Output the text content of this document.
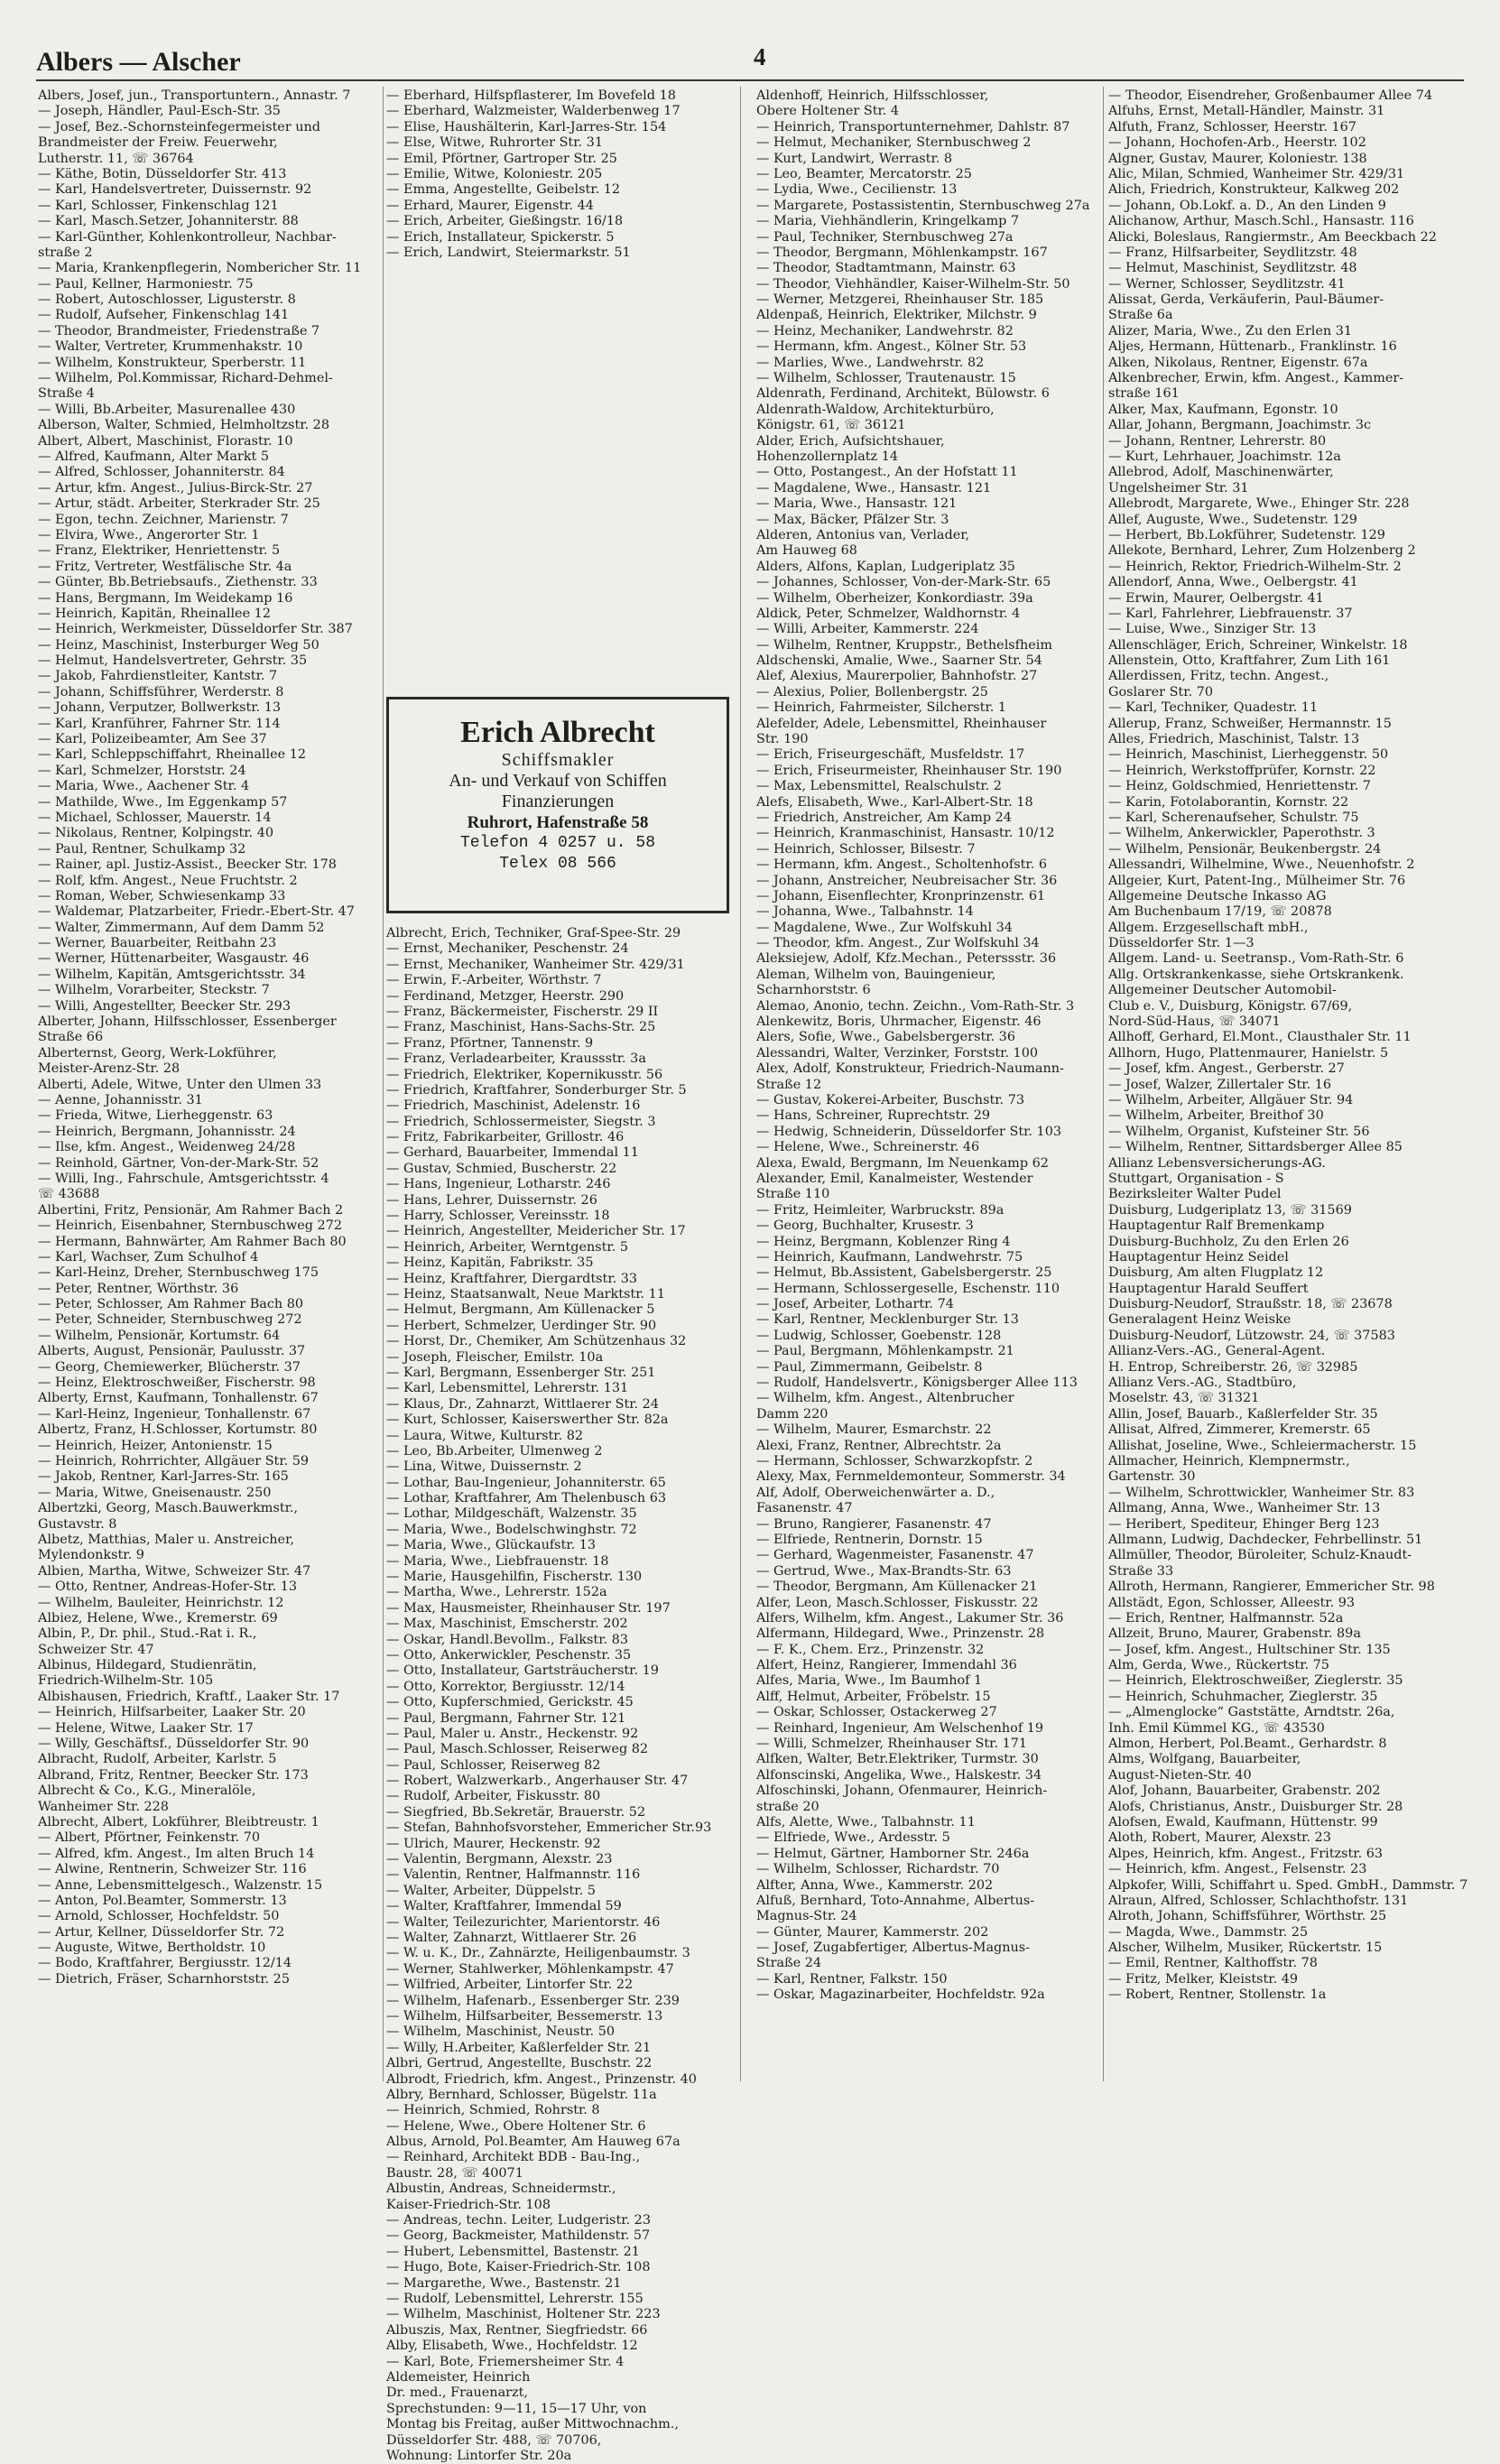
Albers — Alscher	4
Albers, Josef, jun., Transportuntern., Annastr. 7
— Joseph, Händler, Paul-Esch-Str. 35
— Josef, Bez.-Schornsteinfegermeister und
Brandmeister der Freiw. Feuerwehr,
Lutherstr. 11, ☏ 36764
— Käthe, Botin, Düsseldorfer Str. 413
— Karl, Handelsvertreter, Duissernstr. 92
— Karl, Schlosser, Finkenschlag 121
— Karl, Masch.Setzer, Johanniterstr. 88
— Karl-Günther, Kohlenkontrolleur, Nachbar-
straße 2
— Maria, Krankenpflegerin, Nombericher Str. 11
— Paul, Kellner, Harmoniestr. 75
— Robert, Autoschlosser, Ligusterstr. 8
— Rudolf, Aufseher, Finkenschlag 141
— Theodor, Brandmeister, Friedenstraße 7
— Walter, Vertreter, Krummenhakstr. 10
— Wilhelm, Konstrukteur, Sperberstr. 11
— Wilhelm, Pol.Kommissar, Richard-Dehmel-
Straße 4
— Willi, Bb.Arbeiter, Masurenallee 430
Alberson, Walter, Schmied, Helmholtzstr. 28
Albert, Albert, Maschinist, Florastr. 10
— Alfred, Kaufmann, Alter Markt 5
— Alfred, Schlosser, Johanniterstr. 84
— Artur, kfm. Angest., Julius-Birck-Str. 27
— Artur, städt. Arbeiter, Sterkrader Str. 25
— Egon, techn. Zeichner, Marienstr. 7
— Elvira, Wwe., Angerorter Str. 1
— Franz, Elektriker, Henriettenstr. 5
— Fritz, Vertreter, Westfälische Str. 4a
— Günter, Bb.Betriebsaufs., Ziethenstr. 33
— Hans, Bergmann, Im Weidekamp 16
— Heinrich, Kapitän, Rheinallee 12
— Heinrich, Werkmeister, Düsseldorfer Str. 387
— Heinz, Maschinist, Insterburger Weg 50
— Helmut, Handelsvertreter, Gehrstr. 35
— Jakob, Fahrdienstleiter, Kantstr. 7
— Johann, Schiffsführer, Werderstr. 8
— Johann, Verputzer, Bollwerkstr. 13
— Karl, Kranführer, Fahrner Str. 114
— Karl, Polizeibeamter, Am See 37
— Karl, Schleppschiffahrt, Rheinallee 12
— Karl, Schmelzer, Horststr. 24
— Maria, Wwe., Aachener Str. 4
— Mathilde, Wwe., Im Eggenkamp 57
— Michael, Schlosser, Mauerstr. 14
— Nikolaus, Rentner, Kolpingstr. 40
— Paul, Rentner, Schulkamp 32
— Rainer, apl. Justiz-Assist., Beecker Str. 178
— Rolf, kfm. Angest., Neue Fruchtstr. 2
— Roman, Weber, Schwiesenkamp 33
— Waldemar, Platzarbeiter, Friedr.-Ebert-Str. 47
— Walter, Zimmermann, Auf dem Damm 52
— Werner, Bauarbeiter, Reitbahn 23
— Werner, Hüttenarbeiter, Wasgaustr. 46
— Wilhelm, Kapitän, Amtsgerichtsstr. 34
— Wilhelm, Vorarbeiter, Steckstr. 7
— Willi, Angestellter, Beecker Str. 293
Alberter, Johann, Hilfsschlosser, Essenberger
Straße 66
Alberternst, Georg, Werk-Lokführer,
Meister-Arenz-Str. 28
Alberti, Adele, Witwe, Unter den Ulmen 33
— Aenne, Johannisstr. 31
— Frieda, Witwe, Lierheggenstr. 63
— Heinrich, Bergmann, Johannisstr. 24
— Ilse, kfm. Angest., Weidenweg 24/28
— Reinhold, Gärtner, Von-der-Mark-Str. 52
— Willi, Ing., Fahrschule, Amtsgerichtsstr. 4
☏ 43688
Albertini, Fritz, Pensionär, Am Rahmer Bach 2
— Heinrich, Eisenbahner, Sternbuschweg 272
— Hermann, Bahnwärter, Am Rahmer Bach 80
— Karl, Wachser, Zum Schulhof 4
— Karl-Heinz, Dreher, Sternbuschweg 175
— Peter, Rentner, Wörthstr. 36
— Peter, Schlosser, Am Rahmer Bach 80
— Peter, Schneider, Sternbuschweg 272
— Wilhelm, Pensionär, Kortumstr. 64
Alberts, August, Pensionär, Paulusstr. 37
— Georg, Chemiewerker, Blücherstr. 37
— Heinz, Elektroschweißer, Fischerstr. 98
Alberty, Ernst, Kaufmann, Tonhallenstr. 67
— Karl-Heinz, Ingenieur, Tonhallenstr. 67
Albertz, Franz, H.Schlosser, Kortumstr. 80
— Heinrich, Heizer, Antonienstr. 15
— Heinrich, Rohrrichter, Allgäuer Str. 59
— Jakob, Rentner, Karl-Jarres-Str. 165
— Maria, Witwe, Gneisenaustr. 250
Albertzki, Georg, Masch.Bauwerkmstr.,
Gustavstr. 8
Albetz, Matthias, Maler u. Anstreicher,
Mylendonkstr. 9
Albien, Martha, Witwe, Schweizer Str. 47
— Otto, Rentner, Andreas-Hofer-Str. 13
— Wilhelm, Bauleiter, Heinrichstr. 12
Albiez, Helene, Wwe., Kremerstr. 69
Albin, P., Dr. phil., Stud.-Rat i. R.,
Schweizer Str. 47
Albinus, Hildegard, Studienrätin,
Friedrich-Wilhelm-Str. 105
Albishausen, Friedrich, Kraftf., Laaker Str. 17
— Heinrich, Hilfsarbeiter, Laaker Str. 20
— Helene, Witwe, Laaker Str. 17
— Willy, Geschäftsf., Düsseldorfer Str. 90
Albracht, Rudolf, Arbeiter, Karlstr. 5
Albrand, Fritz, Rentner, Beecker Str. 173
Albrecht & Co., K.G., Mineralöle,
Wanheimer Str. 228
Albrecht, Albert, Lokführer, Bleibtreustr. 1
— Albert, Pförtner, Feinkenstr. 70
— Alfred, kfm. Angest., Im alten Bruch 14
— Alwine, Rentnerin, Schweizer Str. 116
— Anne, Lebensmittelgesch., Walzenstr. 15
— Anton, Pol.Beamter, Sommerstr. 13
— Arnold, Schlosser, Hochfeldstr. 50
— Artur, Kellner, Düsseldorfer Str. 72
— Auguste, Witwe, Bertholdstr. 10
— Bodo, Kraftfahrer, Bergiusstr. 12/14
— Dietrich, Fräser, Scharnhorststr. 25
— Eberhard, Hilfspflasterer, Im Bovefeld 18
— Eberhard, Walzmeister, Walderbenweg 17
— Elise, Haushälterin, Karl-Jarres-Str. 154
— Else, Witwe, Ruhrorter Str. 31
— Emil, Pförtner, Gartroper Str. 25
— Emilie, Witwe, Koloniestr. 205
— Emma, Angestellte, Geibelstr. 12
— Erhard, Maurer, Eigenstr. 44
— Erich, Arbeiter, Gießingstr. 16/18
— Erich, Installateur, Spickerstr. 5
— Erich, Landwirt, Steiermarkstr. 51
Erich Albrecht
Schiffsmakler
An- und Verkauf von Schiffen
Finanzierungen
Ruhrort, Hafenstraße 58
Telefon 4 0257 u. 58
Telex 08 566
Albrecht, Erich, Techniker, Graf-Spee-Str. 29
— Ernst, Mechaniker, Peschenstr. 24
— Ernst, Mechaniker, Wanheimer Str. 429/31
— Erwin, F.-Arbeiter, Wörthstr. 7
— Ferdinand, Metzger, Heerstr. 290
— Franz, Bäckermeister, Fischerstr. 29 II
— Franz, Maschinist, Hans-Sachs-Str. 25
— Franz, Pförtner, Tannenstr. 9
— Franz, Verladearbeiter, Kraussstr. 3a
— Friedrich, Elektriker, Kopernikusstr. 56
— Friedrich, Kraftfahrer, Sonderburger Str. 5
— Friedrich, Maschinist, Adelenstr. 16
— Friedrich, Schlossermeister, Siegstr. 3
— Fritz, Fabrikarbeiter, Grillostr. 46
— Gerhard, Bauarbeiter, Immendal 11
— Gustav, Schmied, Buscherstr. 22
— Hans, Ingenieur, Lotharstr. 246
— Hans, Lehrer, Duissernstr. 26
— Harry, Schlosser, Vereinsstr. 18
— Heinrich, Angestellter, Meidericher Str. 17
— Heinrich, Arbeiter, Werntgenstr. 5
— Heinz, Kapitän, Fabrikstr. 35
— Heinz, Kraftfahrer, Diergardtstr. 33
— Heinz, Staatsanwalt, Neue Marktstr. 11
— Helmut, Bergmann, Am Küllenacker 5
— Herbert, Schmelzer, Uerdinger Str. 90
— Horst, Dr., Chemiker, Am Schützenhaus 32
— Joseph, Fleischer, Emilstr. 10a
— Karl, Bergmann, Essenberger Str. 251
— Karl, Lebensmittel, Lehrerstr. 131
— Klaus, Dr., Zahnarzt, Wittlaerer Str. 24
— Kurt, Schlosser, Kaiserswerther Str. 82a
— Laura, Witwe, Kulturstr. 82
— Leo, Bb.Arbeiter, Ulmenweg 2
— Lina, Witwe, Duissernstr. 2
— Lothar, Bau-Ingenieur, Johanniterstr. 65
— Lothar, Kraftfahrer, Am Thelenbusch 63
— Lothar, Mildgeschäft, Walzenstr. 35
— Maria, Wwe., Bodelschwinghstr. 72
— Maria, Wwe., Glückaufstr. 13
— Maria, Wwe., Liebfrauenstr. 18
— Marie, Hausgehilfin, Fischerstr. 130
— Martha, Wwe., Lehrerstr. 152a
— Max, Hausmeister, Rheinhauser Str. 197
— Max, Maschinist, Emscherstr. 202
— Oskar, Handl.Bevollm., Falkstr. 83
— Otto, Ankerwickler, Peschenstr. 35
— Otto, Installateur, Gartsträucherstr. 19
— Otto, Korrektor, Bergiusstr. 12/14
— Otto, Kupferschmied, Gerickstr. 45
— Paul, Bergmann, Fahrner Str. 121
— Paul, Maler u. Anstr., Heckenstr. 92
— Paul, Masch.Schlosser, Reiserweg 82
— Paul, Schlosser, Reiserweg 82
— Robert, Walzwerkarb., Angerhauser Str. 47
— Rudolf, Arbeiter, Fiskusstr. 80
— Siegfried, Bb.Sekretär, Brauerstr. 52
— Stefan, Bahnhofsvorsteher, Emmericher Str.93
— Ulrich, Maurer, Heckenstr. 92
— Valentin, Bergmann, Alexstr. 23
— Valentin, Rentner, Halfmannstr. 116
— Walter, Arbeiter, Düppelstr. 5
— Walter, Kraftfahrer, Immendal 59
— Walter, Teilezurichter, Marientorstr. 46
— Walter, Zahnarzt, Wittlaerer Str. 26
— W. u. K., Dr., Zahnärzte, Heiligenbaumstr. 3
— Werner, Stahlwerker, Möhlenkampstr. 47
— Wilfried, Arbeiter, Lintorfer Str. 22
— Wilhelm, Hafenarb., Essenberger Str. 239
— Wilhelm, Hilfsarbeiter, Bessemerstr. 13
— Wilhelm, Maschinist, Neustr. 50
— Willy, H.Arbeiter, Kaßlerfelder Str. 21
Albri, Gertrud, Angestellte, Buschstr. 22
Albrodt, Friedrich, kfm. Angest., Prinzenstr. 40
Albry, Bernhard, Schlosser, Bügelstr. 11a
— Heinrich, Schmied, Rohrstr. 8
— Helene, Wwe., Obere Holtener Str. 6
Albus, Arnold, Pol.Beamter, Am Hauweg 67a
— Reinhard, Architekt BDB - Bau-Ing.,
Baustr. 28, ☏ 40071
Albustin, Andreas, Schneidermstr.,
Kaiser-Friedrich-Str. 108
— Andreas, techn. Leiter, Ludgeristr. 23
— Georg, Backmeister, Mathildenstr. 57
— Hubert, Lebensmittel, Bastenstr. 21
— Hugo, Bote, Kaiser-Friedrich-Str. 108
— Margarethe, Wwe., Bastenstr. 21
— Rudolf, Lebensmittel, Lehrerstr. 155
— Wilhelm, Maschinist, Holtener Str. 223
Albuszis, Max, Rentner, Siegfriedstr. 66
Alby, Elisabeth, Wwe., Hochfeldstr. 12
— Karl, Bote, Friemersheimer Str. 4
Aldemeister, Heinrich
Dr. med., Frauenarzt,
Sprechstunden: 9—11, 15—17 Uhr, von
Montag bis Freitag, außer Mittwochnachm.,
Düsseldorfer Str. 488, ☏ 70706,
Wohnung: Lintorfer Str. 20a
Aldenhoff, Heinrich, Hilfsschlosser,
Obere Holtener Str. 4
— Heinrich, Transportunternehmer, Dahlstr. 87
— Helmut, Mechaniker, Sternbuschweg 2
— Kurt, Landwirt, Werrastr. 8
— Leo, Beamter, Mercatorstr. 25
— Lydia, Wwe., Cecilienstr. 13
— Margarete, Postassistentin, Sternbuschweg 27a
— Maria, Viehhändlerin, Kringelkamp 7
— Paul, Techniker, Sternbuschweg 27a
— Theodor, Bergmann, Möhlenkampstr. 167
— Theodor, Stadtamtmann, Mainstr. 63
— Theodor, Viehhändler, Kaiser-Wilhelm-Str. 50
— Werner, Metzgerei, Rheinhauser Str. 185
Aldenpaß, Heinrich, Elektriker, Milchstr. 9
— Heinz, Mechaniker, Landwehrstr. 82
— Hermann, kfm. Angest., Kölner Str. 53
— Marlies, Wwe., Landwehrstr. 82
— Wilhelm, Schlosser, Trautenaustr. 15
Aldenrath, Ferdinand, Architekt, Bülowstr. 6
Aldenrath-Waldow, Architekturbüro,
Königstr. 61, ☏ 36121
Alder, Erich, Aufsichtshauer,
Hohenzollernplatz 14
— Otto, Postangest., An der Hofstatt 11
— Magdalene, Wwe., Hansastr. 121
— Maria, Wwe., Hansastr. 121
— Max, Bäcker, Pfälzer Str. 3
Alderen, Antonius van, Verlader,
Am Hauweg 68
Alders, Alfons, Kaplan, Ludgeriplatz 35
— Johannes, Schlosser, Von-der-Mark-Str. 65
— Wilhelm, Oberheizer, Konkordiastr. 39a
Aldick, Peter, Schmelzer, Waldhornstr. 4
— Willi, Arbeiter, Kammerstr. 224
— Wilhelm, Rentner, Kruppstr., Bethelsfheim
Aldschenski, Amalie, Wwe., Saarner Str. 54
Alef, Alexius, Maurerpolier, Bahnhofstr. 27
— Alexius, Polier, Bollenbergstr. 25
— Heinrich, Fahrmeister, Silcherstr. 1
Alefelder, Adele, Lebensmittel, Rheinhauser
Str. 190
— Erich, Friseurgeschäft, Musfeldstr. 17
— Erich, Friseurmeister, Rheinhauser Str. 190
— Max, Lebensmittel, Realschulstr. 2
Alefs, Elisabeth, Wwe., Karl-Albert-Str. 18
— Friedrich, Anstreicher, Am Kamp 24
— Heinrich, Kranmaschinist, Hansastr. 10/12
— Heinrich, Schlosser, Bilsestr. 7
— Hermann, kfm. Angest., Scholtenhofstr. 6
— Johann, Anstreicher, Neubreisacher Str. 36
— Johann, Eisenflechter, Kronprinzenstr. 61
— Johanna, Wwe., Talbahnstr. 14
— Magdalene, Wwe., Zur Wolfskuhl 34
— Theodor, kfm. Angest., Zur Wolfskuhl 34
Aleksiejew, Adolf, Kfz.Mechan., Peterssstr. 36
Aleman, Wilhelm von, Bauingenieur,
Scharnhorststr. 6
Alemao, Anonio, techn. Zeichn., Vom-Rath-Str. 3
Alenkewitz, Boris, Uhrmacher, Eigenstr. 46
Alers, Sofie, Wwe., Gabelsbergerstr. 36
Alessandri, Walter, Verzinker, Forststr. 100
Alex, Adolf, Konstrukteur, Friedrich-Naumann-
Straße 12
— Gustav, Kokerei-Arbeiter, Buschstr. 73
— Hans, Schreiner, Ruprechtstr. 29
— Hedwig, Schneiderin, Düsseldorfer Str. 103
— Helene, Wwe., Schreinerstr. 46
Alexa, Ewald, Bergmann, Im Neuenkamp 62
Alexander, Emil, Kanalmeister, Westender
Straße 110
— Fritz, Heimleiter, Warbruckstr. 89a
— Georg, Buchhalter, Krusestr. 3
— Heinz, Bergmann, Koblenzer Ring 4
— Heinrich, Kaufmann, Landwehrstr. 75
— Helmut, Bb.Assistent, Gabelsbergerstr. 25
— Hermann, Schlossergeselle, Eschenstr. 110
— Josef, Arbeiter, Lothartr. 74
— Karl, Rentner, Mecklenburger Str. 13
— Ludwig, Schlosser, Goebenstr. 128
— Paul, Bergmann, Möhlenkampstr. 21
— Paul, Zimmermann, Geibelstr. 8
— Rudolf, Handelsvertr., Königsberger Allee 113
— Wilhelm, kfm. Angest., Altenbrucher
Damm 220
— Wilhelm, Maurer, Esmarchstr. 22
Alexi, Franz, Rentner, Albrechtstr. 2a
— Hermann, Schlosser, Schwarzkopfstr. 2
Alexy, Max, Fernmeldemonteur, Sommerstr. 34
Alf, Adolf, Oberweichenwärter a. D.,
Fasanenstr. 47
— Bruno, Rangierer, Fasanenstr. 47
— Elfriede, Rentnerin, Dornstr. 15
— Gerhard, Wagenmeister, Fasanenstr. 47
— Gertrud, Wwe., Max-Brandts-Str. 63
— Theodor, Bergmann, Am Küllenacker 21
Alfer, Leon, Masch.Schlosser, Fiskusstr. 22
Alfers, Wilhelm, kfm. Angest., Lakumer Str. 36
Alfermann, Hildegard, Wwe., Prinzenstr. 28
— F. K., Chem. Erz., Prinzenstr. 32
Alfert, Heinz, Rangierer, Immendahl 36
Alfes, Maria, Wwe., Im Baumhof 1
Alff, Helmut, Arbeiter, Fröbelstr. 15
— Oskar, Schlosser, Ostackerweg 27
— Reinhard, Ingenieur, Am Welschenhof 19
— Willi, Schmelzer, Rheinhauser Str. 171
Alfken, Walter, Betr.Elektriker, Turmstr. 30
Alfonscinski, Angelika, Wwe., Halskestr. 34
Alfoschinski, Johann, Ofenmaurer, Heinrich-
straße 20
Alfs, Alette, Wwe., Talbahnstr. 11
— Elfriede, Wwe., Ardesstr. 5
— Helmut, Gärtner, Hamborner Str. 246a
— Wilhelm, Schlosser, Richardstr. 70
Alfter, Anna, Wwe., Kammerstr. 202
Alfuß, Bernhard, Toto-Annahme, Albertus-
Magnus-Str. 24
— Günter, Maurer, Kammerstr. 202
— Josef, Zugabfertiger, Albertus-Magnus-
Straße 24
— Karl, Rentner, Falkstr. 150
— Oskar, Magazinarbeiter, Hochfeldstr. 92a
— Theodor, Eisendreher, Großenbaumer Allee 74
Alfuhs, Ernst, Metall-Händler, Mainstr. 31
Alfuth, Franz, Schlosser, Heerstr. 167
— Johann, Hochofen-Arb., Heerstr. 102
Algner, Gustav, Maurer, Koloniestr. 138
Alic, Milan, Schmied, Wanheimer Str. 429/31
Alich, Friedrich, Konstrukteur, Kalkweg 202
— Johann, Ob.Lokf. a. D., An den Linden 9
Alichanow, Arthur, Masch.Schl., Hansastr. 116
Alicki, Boleslaus, Rangiermstr., Am Beeckbach 22
— Franz, Hilfsarbeiter, Seydlitzstr. 48
— Helmut, Maschinist, Seydlitzstr. 48
— Werner, Schlosser, Seydlitzstr. 41
Alissat, Gerda, Verkäuferin, Paul-Bäumer-
Straße 6a
Alizer, Maria, Wwe., Zu den Erlen 31
Aljes, Hermann, Hüttenarb., Franklinstr. 16
Alken, Nikolaus, Rentner, Eigenstr. 67a
Alkenbrecher, Erwin, kfm. Angest., Kammer-
straße 161
Alker, Max, Kaufmann, Egonstr. 10
Allar, Johann, Bergmann, Joachimstr. 3c
— Johann, Rentner, Lehrerstr. 80
— Kurt, Lehrhauer, Joachimstr. 12a
Allebrod, Adolf, Maschinenwärter,
Ungelsheimer Str. 31
Allebrodt, Margarete, Wwe., Ehinger Str. 228
Allef, Auguste, Wwe., Sudetenstr. 129
— Herbert, Bb.Lokführer, Sudetenstr. 129
Allekote, Bernhard, Lehrer, Zum Holzenberg 2
— Heinrich, Rektor, Friedrich-Wilhelm-Str. 2
Allendorf, Anna, Wwe., Oelbergstr. 41
— Erwin, Maurer, Oelbergstr. 41
— Karl, Fahrlehrer, Liebfrauenstr. 37
— Luise, Wwe., Sinziger Str. 13
Allenschläger, Erich, Schreiner, Winkelstr. 18
Allenstein, Otto, Kraftfahrer, Zum Lith 161
Allerdissen, Fritz, techn. Angest.,
Goslarer Str. 70
— Karl, Techniker, Quadestr. 11
Allerup, Franz, Schweißer, Hermannstr. 15
Alles, Friedrich, Maschinist, Talstr. 13
— Heinrich, Maschinist, Lierheggenstr. 50
— Heinrich, Werkstoffprüfer, Kornstr. 22
— Heinz, Goldschmied, Henriettenstr. 7
— Karin, Fotolaborantin, Kornstr. 22
— Karl, Scherenaufseher, Schulstr. 75
— Wilhelm, Ankerwickler, Paperothstr. 3
— Wilhelm, Pensionär, Beukenbergstr. 24
Allessandri, Wilhelmine, Wwe., Neuenhofstr. 2
Allgeier, Kurt, Patent-Ing., Mülheimer Str. 76
Allgemeine Deutsche Inkasso AG
Am Buchenbaum 17/19, ☏ 20878
Allgem. Erzgesellschaft mbH.,
Düsseldorfer Str. 1—3
Allgem. Land- u. Seetransp., Vom-Rath-Str. 6
Allg. Ortskrankenkasse, siehe Ortskrankenk.
Allgemeiner Deutscher Automobil-
Club e. V., Duisburg, Königstr. 67/69,
Nord-Süd-Haus, ☏ 34071
Allhoff, Gerhard, El.Mont., Clausthaler Str. 11
Allhorn, Hugo, Plattenmaurer, Hanielstr. 5
— Josef, kfm. Angest., Gerberstr. 27
— Josef, Walzer, Zillertaler Str. 16
— Wilhelm, Arbeiter, Allgäuer Str. 94
— Wilhelm, Arbeiter, Breithof 30
— Wilhelm, Organist, Kufsteiner Str. 56
— Wilhelm, Rentner, Sittardsberger Allee 85
Allianz Lebensversicherungs-AG.
Stuttgart, Organisation - S
Bezirksleiter Walter Pudel
Duisburg, Ludgeriplatz 13, ☏ 31569
Hauptagentur Ralf Bremenkamp
Duisburg-Buchholz, Zu den Erlen 26
Hauptagentur Heinz Seidel
Duisburg, Am alten Flugplatz 12
Hauptagentur Harald Seuffert
Duisburg-Neudorf, Straußstr. 18, ☏ 23678
Generalagent Heinz Weiske
Duisburg-Neudorf, Lützowstr. 24, ☏ 37583
Allianz-Vers.-AG., General-Agent.
H. Entrop, Schreiberstr. 26, ☏ 32985
Allianz Vers.-AG., Stadtbüro,
Moselstr. 43, ☏ 31321
Allin, Josef, Bauarb., Kaßlerfelder Str. 35
Allisat, Alfred, Zimmerer, Kremerstr. 65
Allishat, Joseline, Wwe., Schleiermacherstr. 15
Allmacher, Heinrich, Klempnermstr.,
Gartenstr. 30
— Wilhelm, Schrottwickler, Wanheimer Str. 83
Allmang, Anna, Wwe., Wanheimer Str. 13
— Heribert, Spediteur, Ehinger Berg 123
Allmann, Ludwig, Dachdecker, Fehrbellinstr. 51
Allmüller, Theodor, Büroleiter, Schulz-Knaudt-
Straße 33
Allroth, Hermann, Rangierer, Emmericher Str. 98
Allstädt, Egon, Schlosser, Alleestr. 93
— Erich, Rentner, Halfmannstr. 52a
Allzeit, Bruno, Maurer, Grabenstr. 89a
— Josef, kfm. Angest., Hultschiner Str. 135
Alm, Gerda, Wwe., Rückertstr. 75
— Heinrich, Elektroschweißer, Zieglerstr. 35
— Heinrich, Schuhmacher, Zieglerstr. 35
— „Almenglocke“ Gaststätte, Arndtstr. 26a,
Inh. Emil Kümmel KG., ☏ 43530
Almon, Herbert, Pol.Beamt., Gerhardstr. 8
Alms, Wolfgang, Bauarbeiter,
August-Nieten-Str. 40
Alof, Johann, Bauarbeiter, Grabenstr. 202
Alofs, Christianus, Anstr., Duisburger Str. 28
Alofsen, Ewald, Kaufmann, Hüttenstr. 99
Aloth, Robert, Maurer, Alexstr. 23
Alpes, Heinrich, kfm. Angest., Fritzstr. 63
— Heinrich, kfm. Angest., Felsenstr. 23
Alpkofer, Willi, Schiffahrt u. Sped. GmbH., Dammstr. 7
Alraun, Alfred, Schlosser, Schlachthofstr. 131
Alroth, Johann, Schiffsführer, Wörthstr. 25
— Magda, Wwe., Dammstr. 25
Alscher, Wilhelm, Musiker, Rückertstr. 15
— Emil, Rentner, Kalthoffstr. 78
— Fritz, Melker, Kleiststr. 49
— Robert, Rentner, Stollenstr. 1a
